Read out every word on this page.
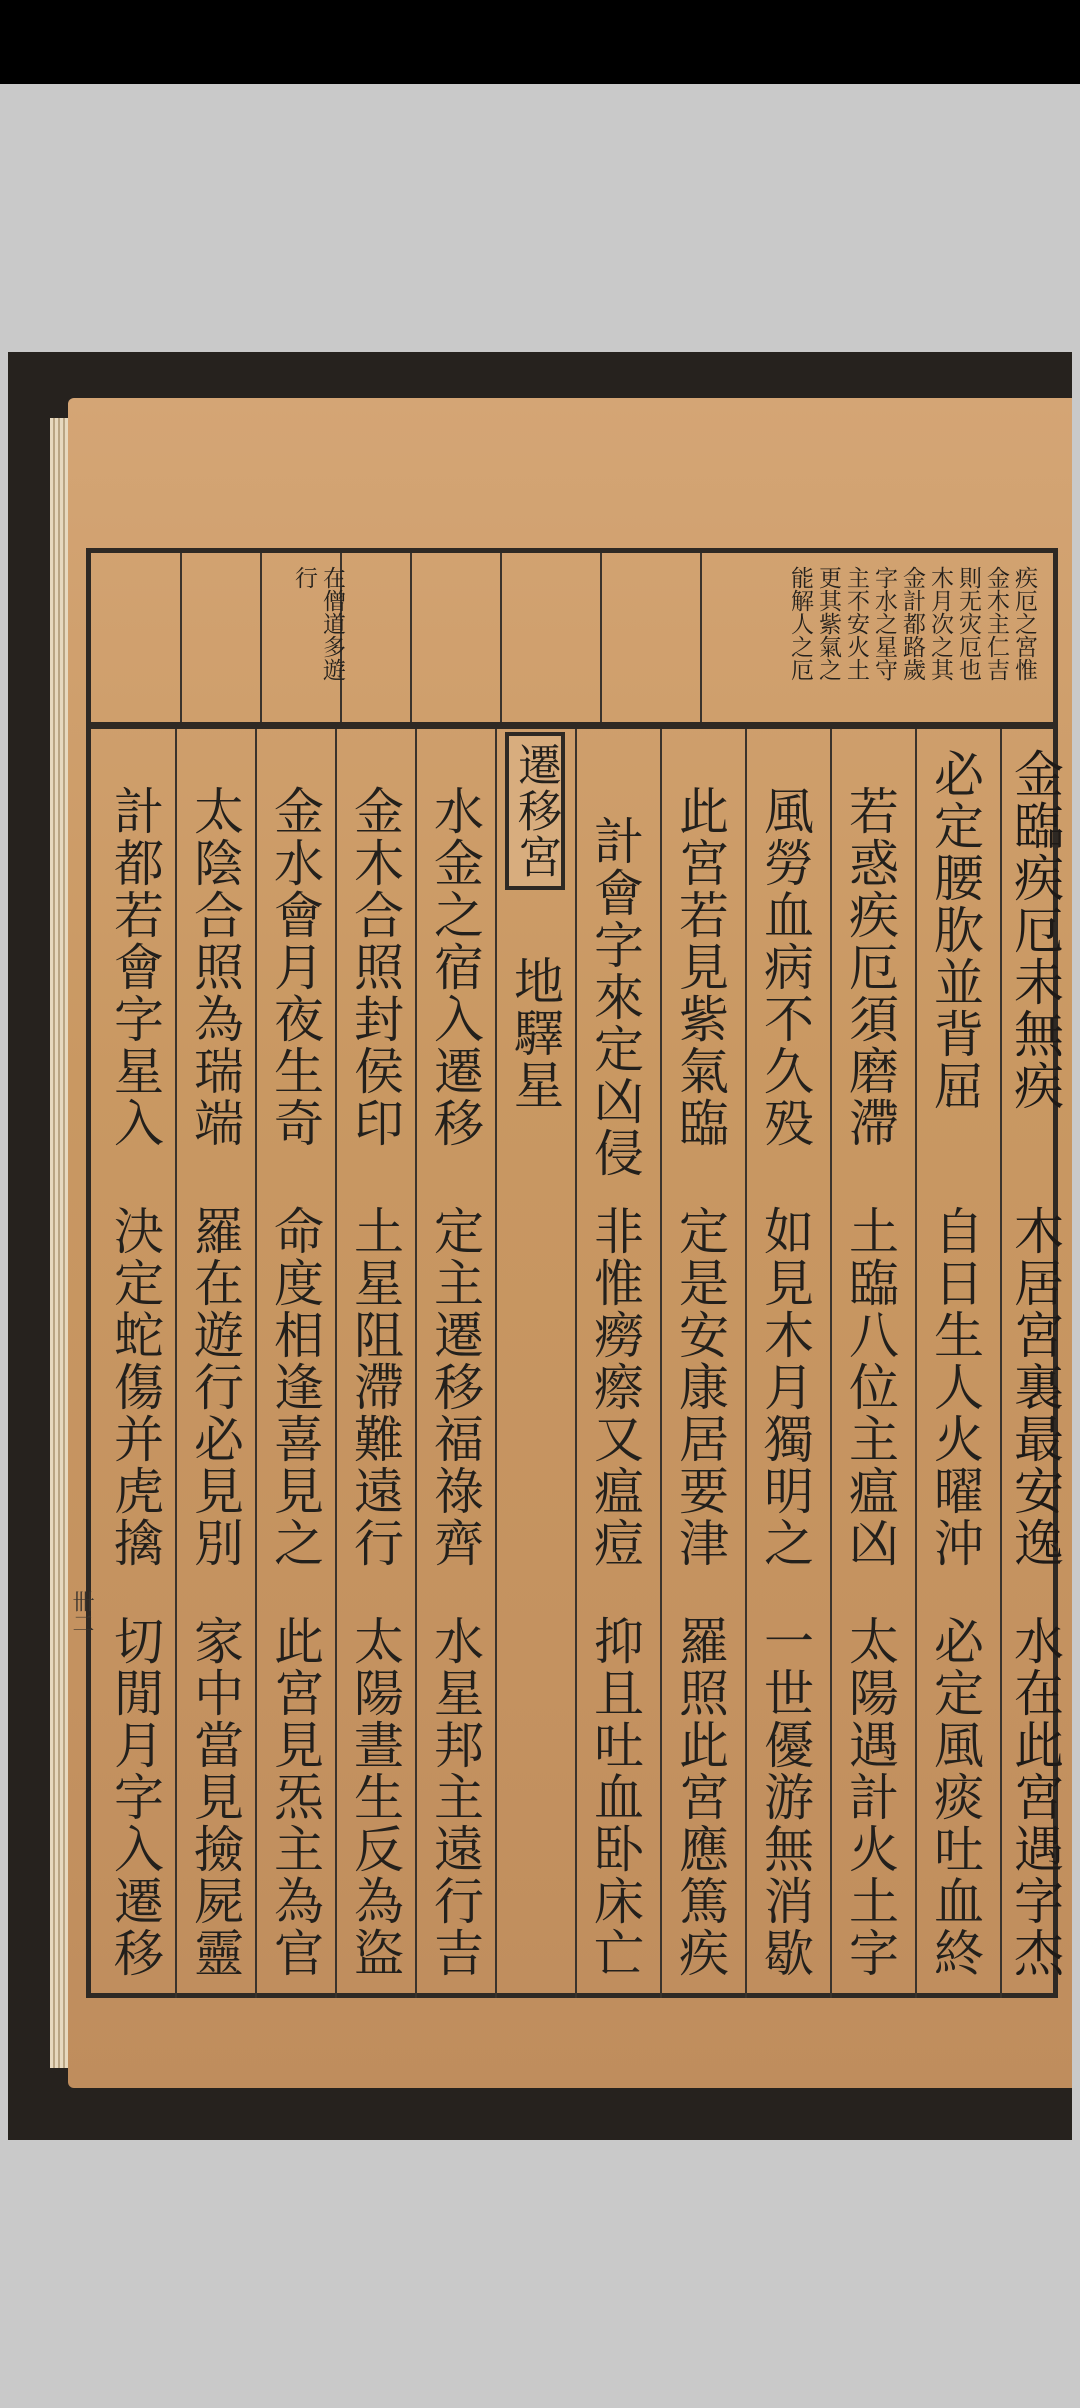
疾厄之宮惟
金木主仁吉
則无灾厄也
木月次之其
金計都路歲
字水之星守
主不安火土
更其紫氣之
能解人之厄
在僧道多遊
行
遷移宮	金臨疾厄未無疾
必定腰肷並背屈
若惑疾厄須磨滯
風勞血病不久殁
此宮若見紫氣臨
計會字來定凶侵
地驛星
水金之宿入遷移
金木合照封侯印
金水會月夜生奇
太陰合照為瑞端
計都若會字星入
木居宮裏最安逸
自日生人火曜沖
土臨八位主瘟凶
如見木月獨明之
定是安康居要津
非惟癆瘵又瘟痘
定主遷移福祿齊
土星阻滯難遠行
命度相逢喜見之
羅在遊行必見別
決定蛇傷并虎擒
水在此宮遇字杰
必定風痰吐血終
太陽遇計火土字
一世優游無消歇
羅照此宮應篤疾
抑且吐血卧床亡
水星邦主遠行吉
太陽晝生反為盜
此宮見炁主為官
家中當見撿屍靈
切閒月字入遷移
卌二
